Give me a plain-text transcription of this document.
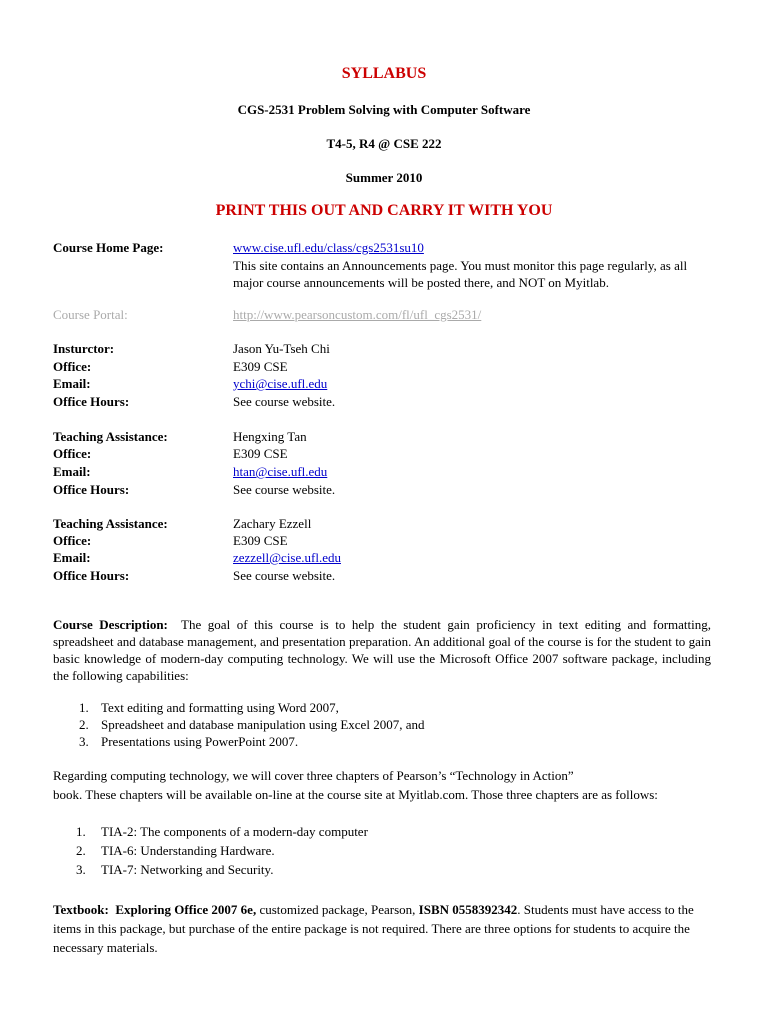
SYLLABUS
CGS-2531 Problem Solving with Computer Software
T4-5, R4 @ CSE 222
Summer 2010
PRINT THIS OUT AND CARRY IT WITH YOU
Course Home Page:	www.cise.ufl.edu/class/cgs2531su10
This site contains an Announcements page. You must monitor this page regularly, as all
major course announcements will be posted there, and NOT on Myitlab.
Course Portal:	http://www.pearsoncustom.com/fl/ufl_cgs2531/
Insturctor:	Jason Yu-Tseh Chi
Office:	E309 CSE
Email:	ychi@cise.ufl.edu
Office Hours:	See course website.
Teaching Assistance:	Hengxing Tan
Office:	E309 CSE
Email:	htan@cise.ufl.edu
Office Hours:	See course website.
Teaching Assistance:	Zachary Ezzell
Office:	E309 CSE
Email:	zezzell@cise.ufl.edu
Office Hours:	See course website.
Course Description: The goal of this course is to help the student gain proficiency in text editing and formatting, spreadsheet and database management, and presentation preparation. An additional goal of the course is for the student to gain basic knowledge of modern-day computing technology. We will use the Microsoft Office 2007 software package, including the following capabilities:
1. Text editing and formatting using Word 2007,
2. Spreadsheet and database manipulation using Excel 2007, and
3. Presentations using PowerPoint 2007.
Regarding computing technology, we will cover three chapters of Pearson’s “Technology in Action”
book. These chapters will be available on-line at the course site at Myitlab.com. Those three chapters are as follows:
1. TIA-2: The components of a modern-day computer
2. TIA-6: Understanding Hardware.
3. TIA-7: Networking and Security.
Textbook: Exploring Office 2007 6e, customized package, Pearson, ISBN 0558392342. Students must have access to the items in this package, but purchase of the entire package is not required. There are three options for students to acquire the necessary materials.
